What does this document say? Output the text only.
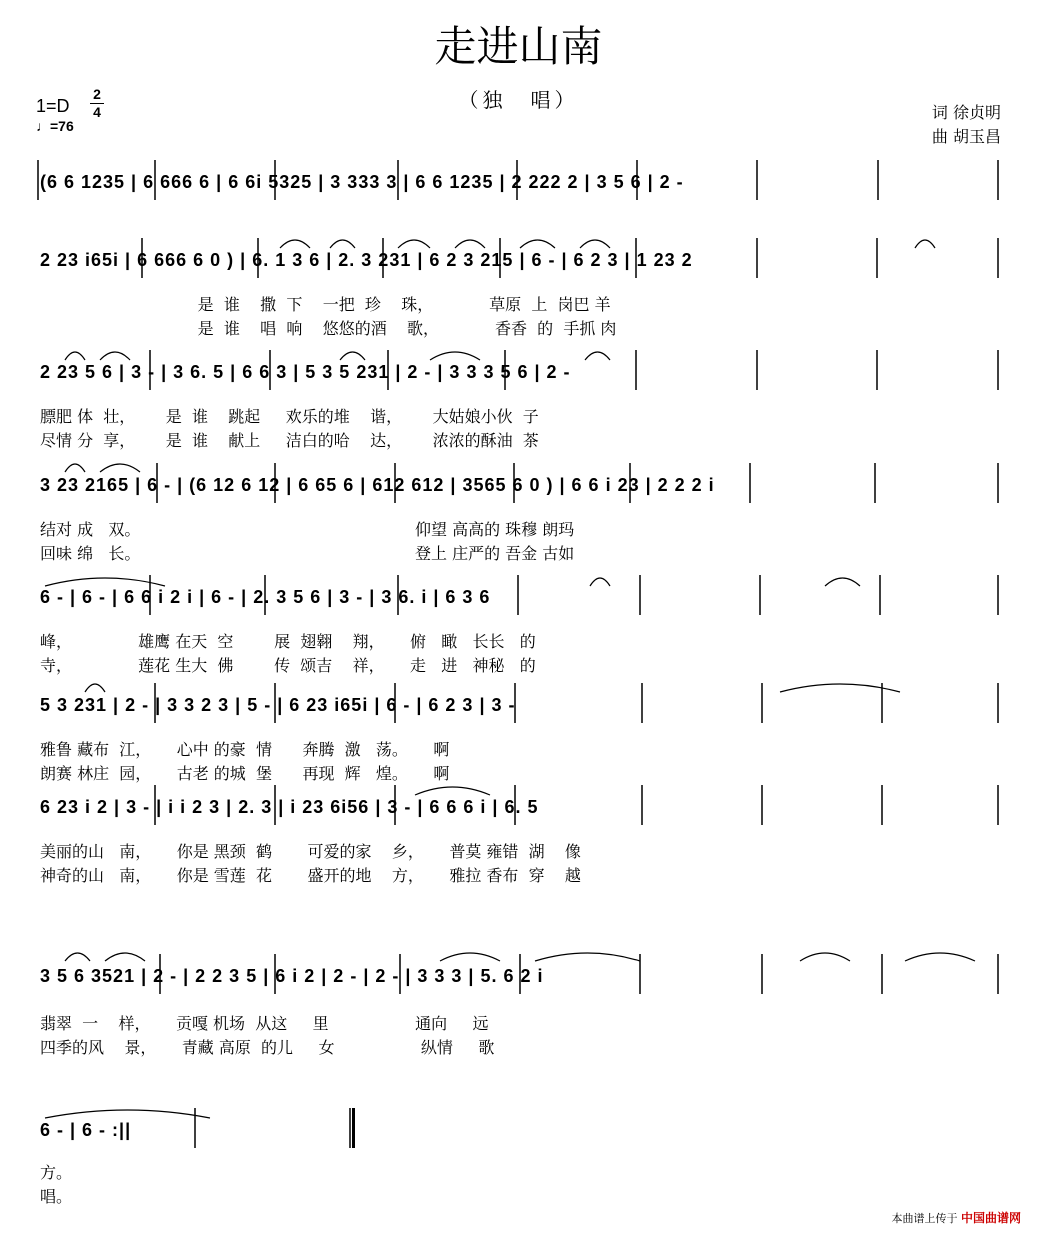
走进山南
（独　唱）
1=D
2
4
♩=76
词 徐贞明
曲 胡玉昌
(6 6 1235 | 6 666 6 | 6 6i 5325 | 3 333 3 | 6 6 1235 | 2 222 2 | 3 5 6 | 2 -
2 23 i65i | 6 666 6 0 ) | 6. 1 3 6 | 2. 3 231 | 6 2 3 215 | 6 - | 6 2 3 | 1 23 2
是  谁    撒  下    一把  珍    珠，           草原  上  岗巴 羊
是  谁    唱  响    悠悠的酒    歌，           香香  的  手抓 肉
2 23 5 6 | 3 - | 3 6. 5 | 6 6 3 | 5 3 5 231 | 2 - | 3 3 3 5 6 | 2 -
膘肥 体  壮，      是  谁    跳起     欢乐的堆    谐，      大姑娘小伙  子
尽情 分  享，      是  谁    献上     洁白的哈    达，      浓浓的酥油  茶
3 23 2165 | 6 - | (6 12 6 12 | 6 65 6 | 612 612 | 3565 6 0 ) | 6 6 i 23 | 2 2 2 i
结对 成   双。                                                      仰望 高高的 珠穆 朗玛
回味 绵   长。                                                      登上 庄严的 吾金 古如
6 - | 6 - | 6 6 i 2 i | 6 - | 2. 3 5 6 | 3 - | 3 6. i | 6 3 6
峰，             雄鹰 在天  空        展  翅翱    翔，     俯   瞰   长长   的
寺，             莲花 生大  佛        传  颂吉    祥，     走   进   神秘   的
5 3 231 | 2 - | 3 3 2 3 | 5 - | 6 23 i65i | 6 - | 6 2 3 | 3 -
雅鲁 藏布  江，     心中 的豪  情      奔腾  激   荡。     啊
朗赛 林庄  园，     古老 的城  堡      再现  辉   煌。     啊
6 23 i 2 | 3 - | i i 2 3 | 2. 3 | i 23 6i56 | 3 - | 6 6 6 i | 6. 5
美丽的山   南，     你是 黑颈  鹤       可爱的家    乡，     普莫 雍错  湖    像
神奇的山   南，     你是 雪莲  花       盛开的地    方，     雅拉 香布  穿    越
3 5 6 3521 | 2 - | 2 2 3 5 | 6 i 2 | 2 - | 2 - | 3 3 3 | 5. 6 2 i
翡翠  一    样，     贡嘎 机场  从这     里                 通向     远
四季的风    景，     青藏 高原  的儿     女                 纵情     歌
6 - | 6 - :||
方。
唱。
本曲谱上传于 中国曲谱网
